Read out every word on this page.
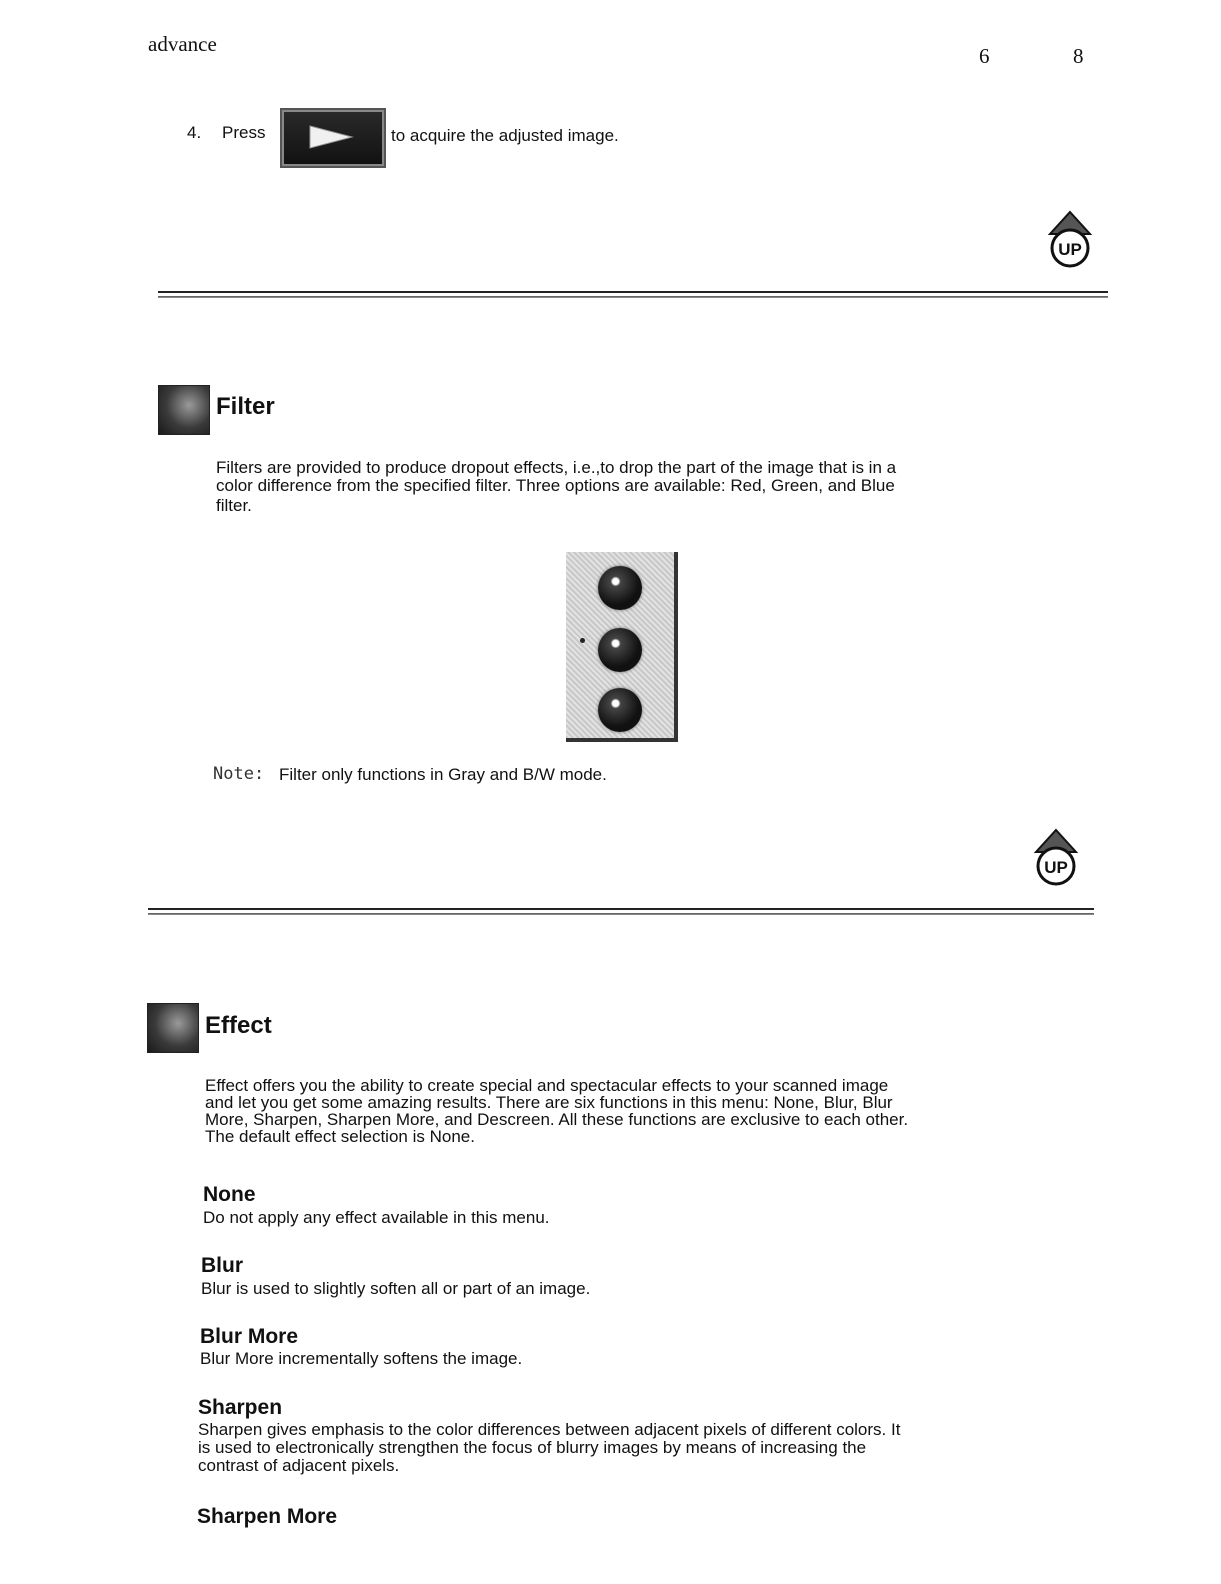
advance	6	8
4. Press	to acquire the adjusted image.
UP
Filter
Filters are provided to produce dropout effects, i.e.,to drop the part of the image that is in a
color difference from the specified filter. Three options are available: Red, Green, and Blue
filter.
Note: Filter only functions in Gray and B/W mode.
UP
Effect
Effect offers you the ability to create special and spectacular effects to your scanned image
and let you get some amazing results. There are six functions in this menu: None, Blur, Blur
More, Sharpen, Sharpen More, and Descreen. All these functions are exclusive to each other.
The default effect selection is None.
None
Do not apply any effect available in this menu.
Blur
Blur is used to slightly soften all or part of an image.
Blur More
Blur More incrementally softens the image.
Sharpen
Sharpen gives emphasis to the color differences between adjacent pixels of different colors. It
is used to electronically strengthen the focus of blurry images by means of increasing the
contrast of adjacent pixels.
Sharpen More
